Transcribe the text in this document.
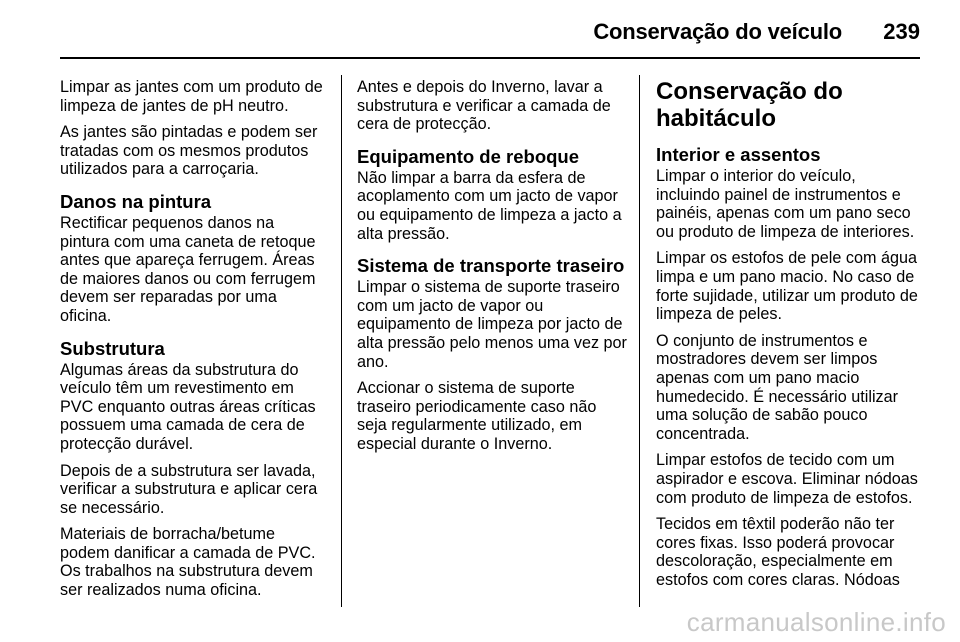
Conservação do veículo 239

Limpar as jantes com um produto de limpeza de jantes de pH neutro.

As jantes são pintadas e podem ser tratadas com os mesmos produtos utilizados para a carroçaria.

Danos na pintura

Rectificar pequenos danos na pintura com uma caneta de retoque antes que apareça ferrugem. Áreas de maiores danos ou com ferrugem devem ser reparadas por uma oficina.

Substrutura

Algumas áreas da substrutura do veículo têm um revestimento em PVC enquanto outras áreas críticas possuem uma camada de cera de protecção durável.

Depois de a substrutura ser lavada, verificar a substrutura e aplicar cera se necessário.

Materiais de borracha/betume podem danificar a camada de PVC. Os trabalhos na substrutura devem ser realizados numa oficina.

Antes e depois do Inverno, lavar a substrutura e verificar a camada de cera de protecção.

Equipamento de reboque

Não limpar a barra da esfera de acoplamento com um jacto de vapor ou equipamento de limpeza a jacto a alta pressão.

Sistema de transporte traseiro

Limpar o sistema de suporte traseiro com um jacto de vapor ou equipamento de limpeza por jacto de alta pressão pelo menos uma vez por ano.

Accionar o sistema de suporte traseiro periodicamente caso não seja regularmente utilizado, em especial durante o Inverno.

Conservação do habitáculo
Interior e assentos

Limpar o interior do veículo, incluindo painel de instrumentos e painéis, apenas com um pano seco ou produto de limpeza de interiores.

Limpar os estofos de pele com água limpa e um pano macio. No caso de forte sujidade, utilizar um produto de limpeza de peles.

O conjunto de instrumentos e mostradores devem ser limpos apenas com um pano macio humedecido. É necessário utilizar uma solução de sabão pouco concentrada.

Limpar estofos de tecido com um aspirador e escova. Eliminar nódoas com produto de limpeza de estofos.

Tecidos em têxtil poderão não ter cores fixas. Isso poderá provocar descoloração, especialmente em estofos com cores claras. Nódoas

carmanualsonline.info
